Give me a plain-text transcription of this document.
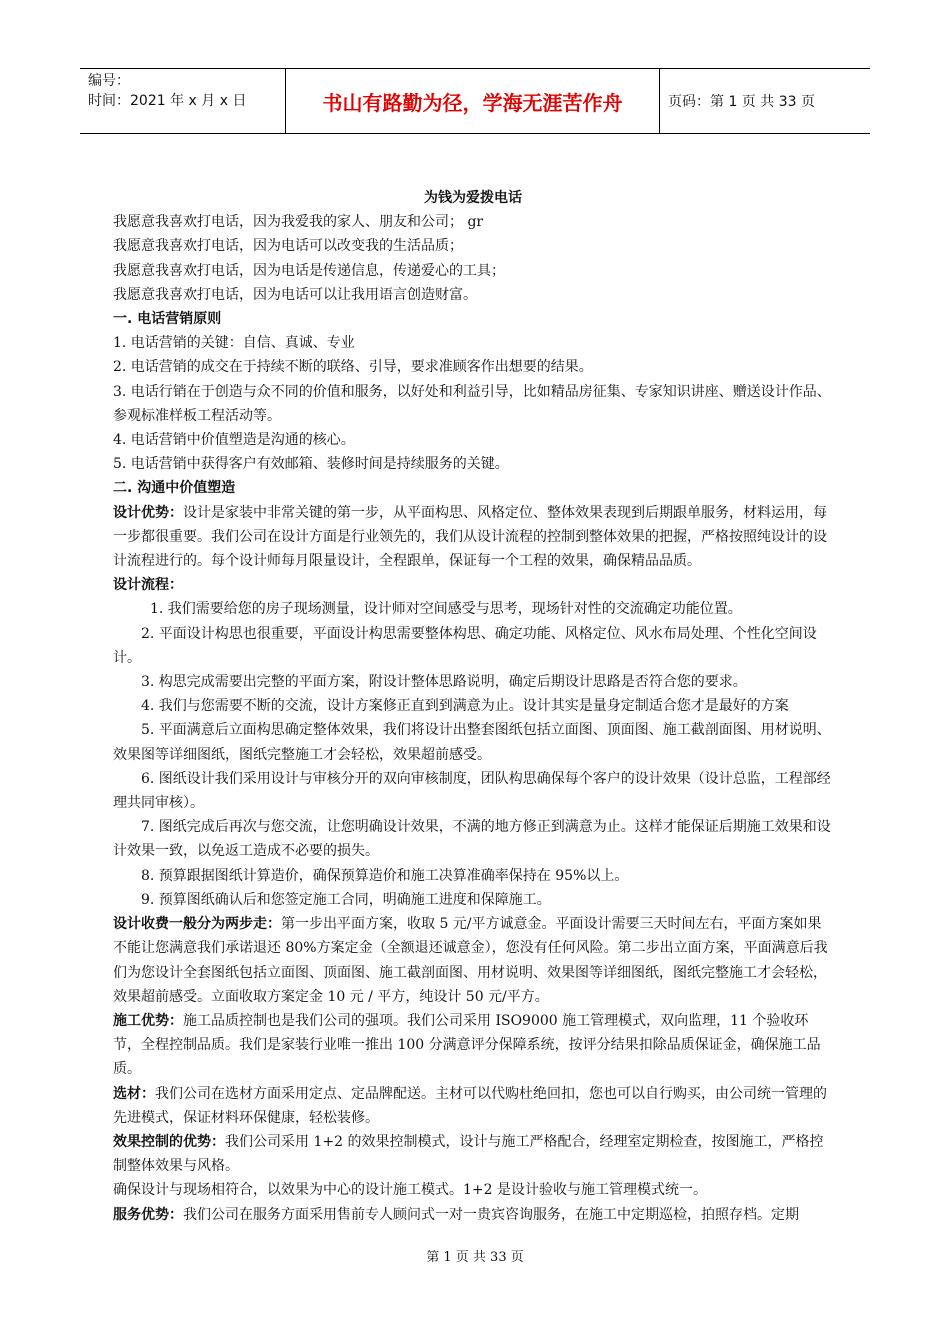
编号：
时间：2021 年 x 月 x 日	书山有路勤为径，学海无涯苦作舟	页码：第 1 页 共 33 页

为钱为爱拨电话

我愿意我喜欢打电话，因为我爱我的家人、朋友和公司； gr

我愿意我喜欢打电话，因为电话可以改变我的生活品质；

我愿意我喜欢打电话，因为电话是传递信息，传递爱心的工具；

我愿意我喜欢打电话，因为电话可以让我用语言创造财富。

一. 电话营销原则

1. 电话营销的关键：自信、真诚、专业

2. 电话营销的成交在于持续不断的联络、引导，要求准顾客作出想要的结果。

3. 电话行销在于创造与众不同的价值和服务，以好处和利益引导，比如精品房征集、专家知识讲座、赠送设计作品、参观标准样板工程活动等。

4. 电话营销中价值塑造是沟通的核心。

5. 电话营销中获得客户有效邮箱、装修时间是持续服务的关键。

二. 沟通中价值塑造

设计优势：设计是家装中非常关键的第一步，从平面构思、风格定位、整体效果表现到后期跟单服务，材料运用，每一步都很重要。我们公司在设计方面是行业领先的，我们从设计流程的控制到整体效果的把握，严格按照纯设计的设计流程进行的。每个设计师每月限量设计，全程跟单，保证每一个工程的效果，确保精品品质。

设计流程：

1. 我们需要给您的房子现场测量，设计师对空间感受与思考，现场针对性的交流确定功能位置。

2. 平面设计构思也很重要，平面设计构思需要整体构思、确定功能、风格定位、风水布局处理、个性化空间设计。

3. 构思完成需要出完整的平面方案，附设计整体思路说明，确定后期设计思路是否符合您的要求。

4. 我们与您需要不断的交流，设计方案修正直到到满意为止。设计其实是量身定制适合您才是最好的方案

5. 平面满意后立面构思确定整体效果，我们将设计出整套图纸包括立面图、顶面图、施工截剖面图、用材说明、效果图等详细图纸，图纸完整施工才会轻松，效果超前感受。

6. 图纸设计我们采用设计与审核分开的双向审核制度，团队构思确保每个客户的设计效果（设计总监，工程部经理共同审核）。

7. 图纸完成后再次与您交流，让您明确设计效果，不满的地方修正到满意为止。这样才能保证后期施工效果和设计效果一致，以免返工造成不必要的损失。

8. 预算跟据图纸计算造价，确保预算造价和施工决算准确率保持在 95%以上。

9. 预算图纸确认后和您签定施工合同，明确施工进度和保障施工。

设计收费一般分为两步走：第一步出平面方案，收取 5 元/平方诚意金。平面设计需要三天时间左右，平面方案如果不能让您满意我们承诺退还 80%方案定金（全额退还诚意金），您没有任何风险。第二步出立面方案，平面满意后我们为您设计全套图纸包括立面图、顶面图、施工截剖面图、用材说明、效果图等详细图纸，图纸完整施工才会轻松，效果超前感受。立面收取方案定金 10 元 / 平方，纯设计 50 元/平方。

施工优势：施工品质控制也是我们公司的强项。我们公司采用 ISO9000 施工管理模式，双向监理，11 个验收环节，全程控制品质。我们是家装行业唯一推出 100 分满意评分保障系统，按评分结果扣除品质保证金，确保施工品质。

选材：我们公司在选材方面采用定点、定品牌配送。主材可以代购杜绝回扣，您也可以自行购买，由公司统一管理的先进模式，保证材料环保健康，轻松装修。

效果控制的优势：我们公司采用 1+2 的效果控制模式，设计与施工严格配合，经理室定期检查，按图施工，严格控制整体效果与风格。

确保设计与现场相符合，以效果为中心的设计施工模式。1+2 是设计验收与施工管理模式统一。

服务优势：我们公司在服务方面采用售前专人顾问式一对一贵宾咨询服务，在施工中定期巡检，拍照存档。定期

第 1 页 共 33 页
